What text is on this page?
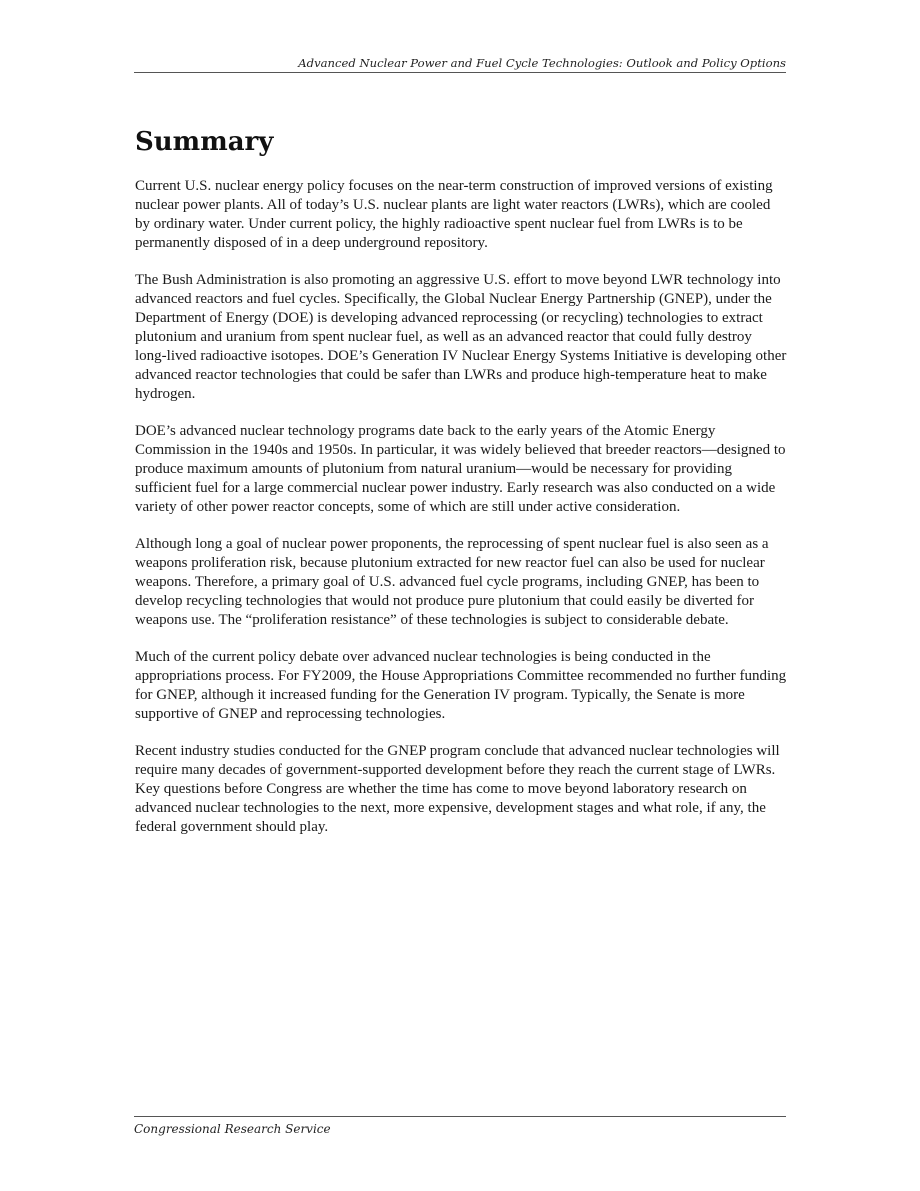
Advanced Nuclear Power and Fuel Cycle Technologies: Outlook and Policy Options
Summary

Current U.S. nuclear energy policy focuses on the near-term construction of improved versions of existing nuclear power plants. All of today’s U.S. nuclear plants are light water reactors (LWRs), which are cooled by ordinary water. Under current policy, the highly radioactive spent nuclear fuel from LWRs is to be permanently disposed of in a deep underground repository.

The Bush Administration is also promoting an aggressive U.S. effort to move beyond LWR technology into advanced reactors and fuel cycles. Specifically, the Global Nuclear Energy Partnership (GNEP), under the Department of Energy (DOE) is developing advanced reprocessing (or recycling) technologies to extract plutonium and uranium from spent nuclear fuel, as well as an advanced reactor that could fully destroy long-lived radioactive isotopes. DOE’s Generation IV Nuclear Energy Systems Initiative is developing other advanced reactor technologies that could be safer than LWRs and produce high-temperature heat to make hydrogen.

DOE’s advanced nuclear technology programs date back to the early years of the Atomic Energy Commission in the 1940s and 1950s. In particular, it was widely believed that breeder reactors—designed to produce maximum amounts of plutonium from natural uranium—would be necessary for providing sufficient fuel for a large commercial nuclear power industry. Early research was also conducted on a wide variety of other power reactor concepts, some of which are still under active consideration.

Although long a goal of nuclear power proponents, the reprocessing of spent nuclear fuel is also seen as a weapons proliferation risk, because plutonium extracted for new reactor fuel can also be used for nuclear weapons. Therefore, a primary goal of U.S. advanced fuel cycle programs, including GNEP, has been to develop recycling technologies that would not produce pure plutonium that could easily be diverted for weapons use. The “proliferation resistance” of these technologies is subject to considerable debate.

Much of the current policy debate over advanced nuclear technologies is being conducted in the appropriations process. For FY2009, the House Appropriations Committee recommended no further funding for GNEP, although it increased funding for the Generation IV program. Typically, the Senate is more supportive of GNEP and reprocessing technologies.

Recent industry studies conducted for the GNEP program conclude that advanced nuclear technologies will require many decades of government-supported development before they reach the current stage of LWRs. Key questions before Congress are whether the time has come to move beyond laboratory research on advanced nuclear technologies to the next, more expensive, development stages and what role, if any, the federal government should play.

Congressional Research Service
